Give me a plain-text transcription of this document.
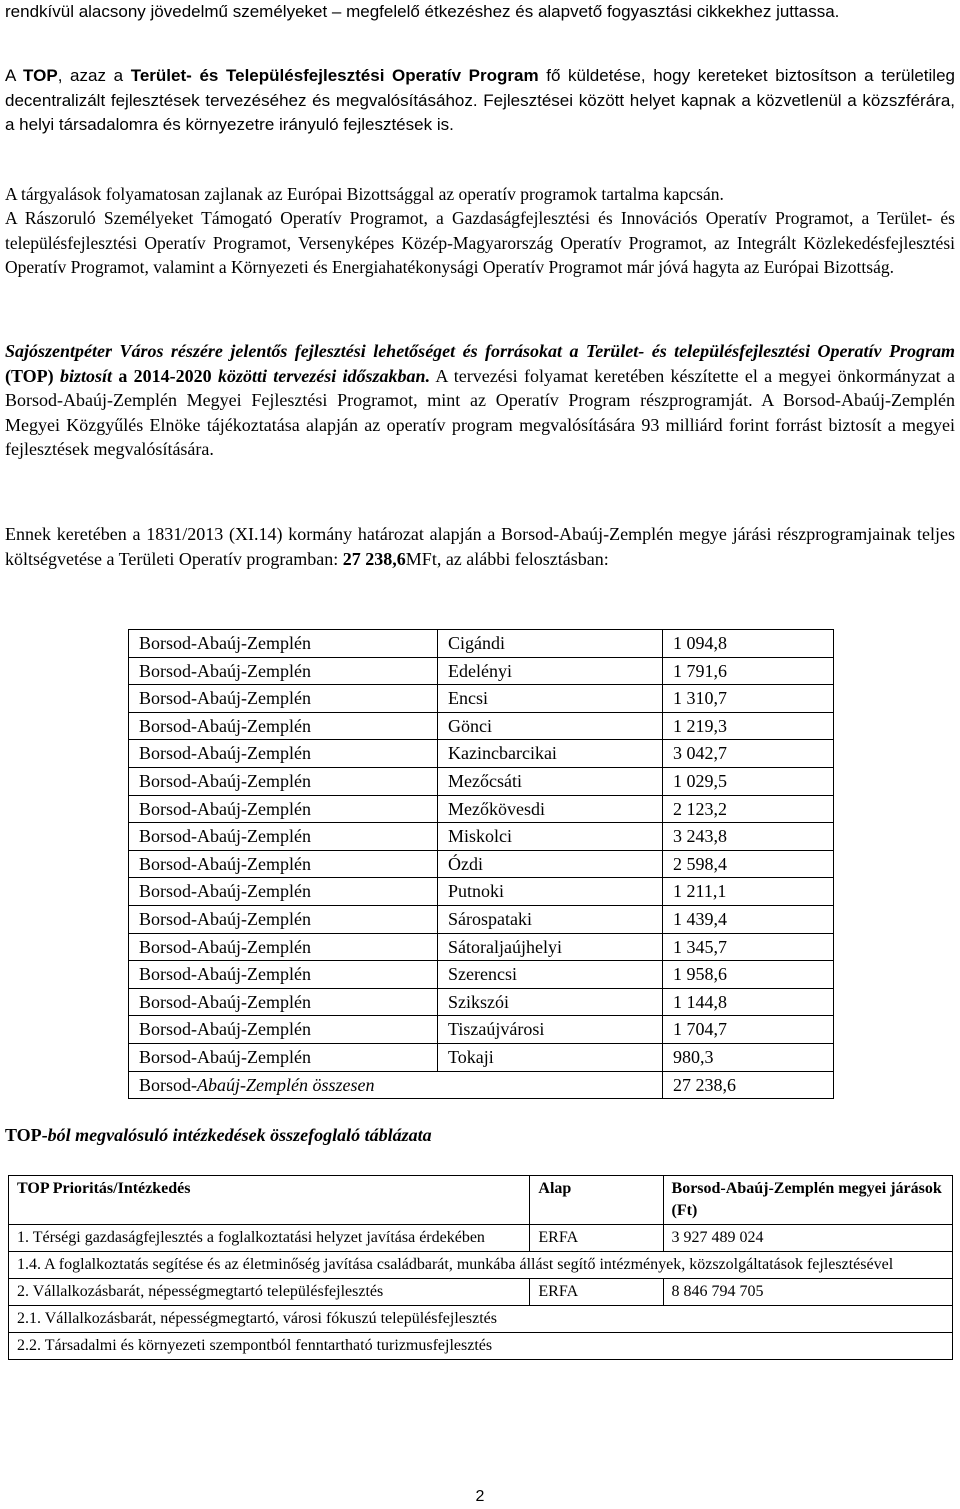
rendkívül alacsony jövedelmű személyeket – megfelelő étkezéshez és alapvető fogyasztási cikkekhez juttassa.

A TOP, azaz a Terület- és Településfejlesztési Operatív Program fő küldetése, hogy kereteket biztosítson a területileg decentralizált fejlesztések tervezéséhez és megvalósításához. Fejlesztései között helyet kapnak a közvetlenül a közszférára, a helyi társadalomra és környezetre irányuló fejlesztések is.

A tárgyalások folyamatosan zajlanak az Európai Bizottsággal az operatív programok tartalma kapcsán.

A Rászoruló Személyeket Támogató Operatív Programot, a Gazdaságfejlesztési és Innovációs Operatív Programot, a Terület- és településfejlesztési Operatív Programot, Versenyképes Közép-Magyarország Operatív Programot, az Integrált Közlekedésfejlesztési Operatív Programot, valamint a Környezeti és Energiahatékonysági Operatív Programot már jóvá hagyta az Európai Bizottság.

Sajószentpéter Város részére jelentős fejlesztési lehetőséget és forrásokat a Terület- és településfejlesztési Operatív Program (TOP) biztosít a 2014-2020 közötti tervezési időszakban. A tervezési folyamat keretében készítette el a megyei önkormányzat a Borsod-Abaúj-Zemplén Megyei Fejlesztési Programot, mint az Operatív Program részprogramját. A Borsod-Abaúj-Zemplén Megyei Közgyűlés Elnöke tájékoztatása alapján az operatív program megvalósítására 93 milliárd forint forrást biztosít a megyei fejlesztések megvalósítására.

Ennek keretében a 1831/2013 (XI.14) kormány határozat alapján a Borsod-Abaúj-Zemplén megye járási részprogramjainak teljes költségvetése a Területi Operatív programban: 27 238,6MFt, az alábbi felosztásban:

Borsod-Abaúj-Zemplén	Cigándi	1 094,8
Borsod-Abaúj-Zemplén	Edelényi	1 791,6
Borsod-Abaúj-Zemplén	Encsi	1 310,7
Borsod-Abaúj-Zemplén	Gönci	1 219,3
Borsod-Abaúj-Zemplén	Kazincbarcikai	3 042,7
Borsod-Abaúj-Zemplén	Mezőcsáti	1 029,5
Borsod-Abaúj-Zemplén	Mezőkövesdi	2 123,2
Borsod-Abaúj-Zemplén	Miskolci	3 243,8
Borsod-Abaúj-Zemplén	Ózdi	2 598,4
Borsod-Abaúj-Zemplén	Putnoki	1 211,1
Borsod-Abaúj-Zemplén	Sárospataki	1 439,4
Borsod-Abaúj-Zemplén	Sátoraljaújhelyi	1 345,7
Borsod-Abaúj-Zemplén	Szerencsi	1 958,6
Borsod-Abaúj-Zemplén	Szikszói	1 144,8
Borsod-Abaúj-Zemplén	Tiszaújvárosi	1 704,7
Borsod-Abaúj-Zemplén	Tokaji	980,3
Borsod-Abaúj-Zemplén összesen		27 238,6

TOP-ból megvalósuló intézkedések összefoglaló táblázata

TOP Prioritás/Intézkedés	Alap	Borsod-Abaúj-Zemplén megyei járások (Ft)
1. Térségi gazdaságfejlesztés a foglalkoztatási helyzet javítása érdekében	ERFA	3 927 489 024
1.4. A foglalkoztatás segítése és az életminőség javítása családbarát, munkába állást segítő intézmények, közszolgáltatások fejlesztésével		
2. Vállalkozásbarát, népességmegtartó településfejlesztés	ERFA	8 846 794 705
2.1. Vállalkozásbarát, népességmegtartó, városi fókuszú településfejlesztés		
2.2. Társadalmi és környezeti szempontból fenntartható turizmusfejlesztés		
2
